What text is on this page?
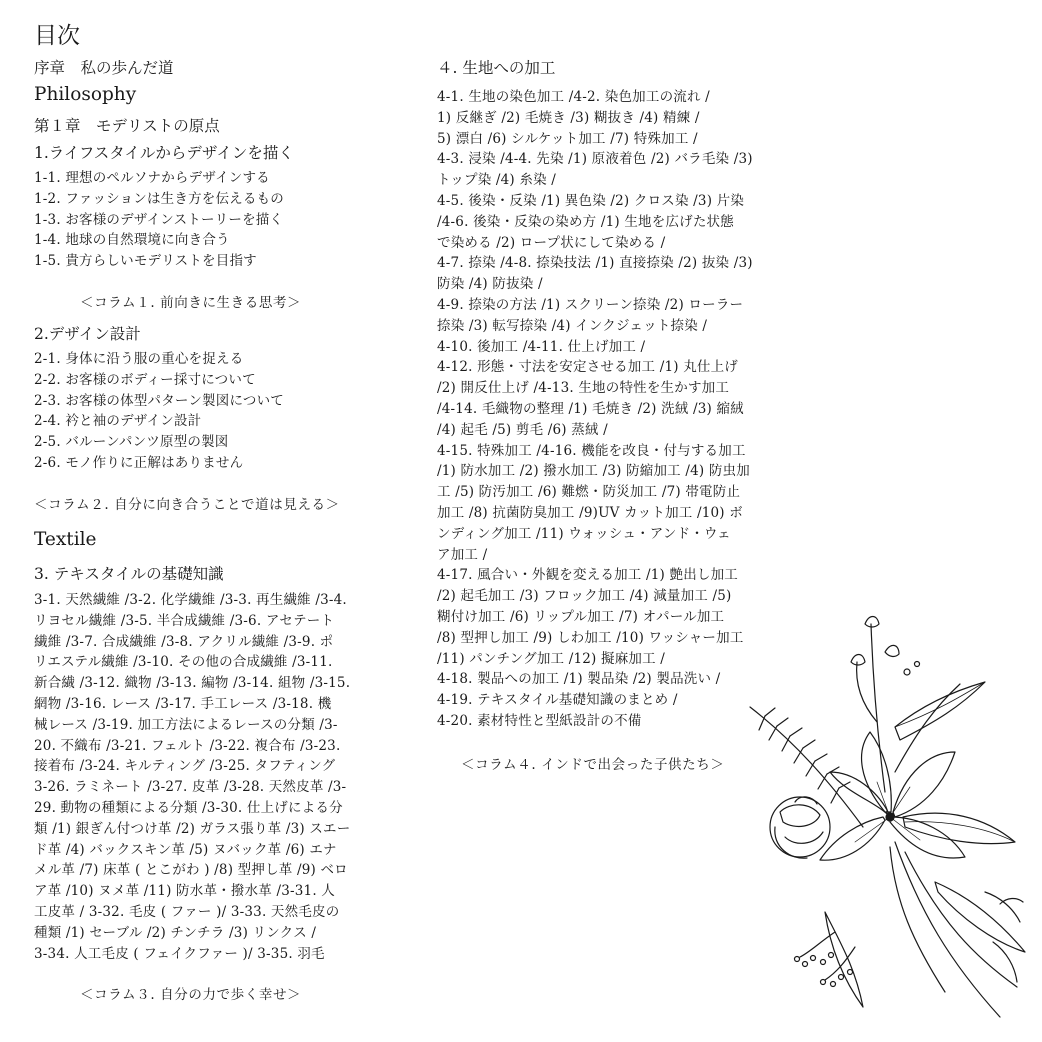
目次

序章　私の歩んだ道

Philosophy

第１章　モデリストの原点

1.ライフスタイルからデザインを描く

1-1. 理想のペルソナからデザインする

1-2. ファッションは生き方を伝えるもの

1-3. お客様のデザインストーリーを描く

1-4. 地球の自然環境に向き合う

1-5. 貴方らしいモデリストを目指す

＜コラム１. 前向きに生きる思考＞

2.デザイン設計

2-1. 身体に沿う服の重心を捉える

2-2. お客様のボディー採寸について

2-3. お客様の体型パターン製図について

2-4. 衿と袖のデザイン設計

2-5. バルーンパンツ原型の製図

2-6. モノ作りに正解はありません

＜コラム２. 自分に向き合うことで道は見える＞

Textile

3. テキスタイルの基礎知識

3-1. 天然繊維 /3-2. 化学繊維 /3-3. 再生繊維 /3-4.

リヨセル繊維 /3-5. 半合成繊維 /3-6. アセテート

繊維 /3-7. 合成繊維 /3-8. アクリル繊維 /3-9. ポ

リエステル繊維 /3-10. その他の合成繊維 /3-11.

新合繊 /3-12. 織物 /3-13. 編物 /3-14. 組物 /3-15.

網物 /3-16. レース /3-17. 手工レース /3-18. 機

械レース /3-19. 加工方法によるレースの分類 /3-

20. 不織布 /3-21. フェルト /3-22. 複合布 /3-23.

接着布 /3-24. キルティング /3-25. タフティング

3-26. ラミネート /3-27. 皮革 /3-28. 天然皮革 /3-

29. 動物の種類による分類 /3-30. 仕上げによる分

類 /1) 銀ぎん付つけ革 /2) ガラス張り革 /3) スエー

ド革 /4) バックスキン革 /5) ヌバック革 /6) エナ

メル革 /7) 床革 ( とこがわ ) /8) 型押し革 /9) ベロ

ア革 /10) ヌメ革 /11) 防水革・撥水革 /3-31. 人

工皮革 / 3-32. 毛皮 ( ファー )/ 3-33. 天然毛皮の

種類 /1) セーブル /2) チンチラ /3) リンクス /

3-34. 人工毛皮 ( フェイクファー )/ 3-35. 羽毛

＜コラム３. 自分の力で歩く幸せ＞

４. 生地への加工

4-1. 生地の染色加工 /4-2. 染色加工の流れ /

1) 反継ぎ /2) 毛焼き /3) 糊抜き /4) 精練 /

5) 漂白 /6) シルケット加工 /7) 特殊加工 /

4-3. 浸染 /4-4. 先染 /1) 原液着色 /2) バラ毛染 /3)

トップ染 /4) 糸染 /

4-5. 後染・反染 /1) 異色染 /2) クロス染 /3) 片染

/4-6. 後染・反染の染め方 /1) 生地を広げた状態

で染める /2) ロープ状にして染める /

4-7. 捺染 /4-8. 捺染技法 /1) 直接捺染 /2) 抜染 /3)

防染 /4) 防抜染 /

4-9. 捺染の方法 /1) スクリーン捺染 /2) ローラー

捺染 /3) 転写捺染 /4) インクジェット捺染 /

4-10. 後加工 /4-11. 仕上げ加工 /

4-12. 形態・寸法を安定させる加工 /1) 丸仕上げ

/2) 開反仕上げ /4-13. 生地の特性を生かす加工

/4-14. 毛織物の整理 /1) 毛焼き /2) 洗絨 /3) 縮絨

/4) 起毛 /5) 剪毛 /6) 蒸絨 /

4-15. 特殊加工 /4-16. 機能を改良・付与する加工

/1) 防水加工 /2) 撥水加工 /3) 防縮加工 /4) 防虫加

工 /5) 防汚加工 /6) 難燃・防災加工 /7) 帯電防止

加工 /8) 抗菌防臭加工 /9)UV カット加工 /10) ボ

ンディング加工 /11) ウォッシュ・アンド・ウェ

ア加工 /

4-17. 風合い・外観を変える加工 /1) 艶出し加工

/2) 起毛加工 /3) フロック加工 /4) 減量加工 /5)

糊付け加工 /6) リップル加工 /7) オパール加工

/8) 型押し加工 /9) しわ加工 /10) ワッシャー加工

/11) パンチング加工 /12) 擬麻加工 /

4-18. 製品への加工 /1) 製品染 /2) 製品洗い /

4-19. テキスタイル基礎知識のまとめ /

4-20. 素材特性と型紙設計の不備

＜コラム４. インドで出会った子供たち＞
